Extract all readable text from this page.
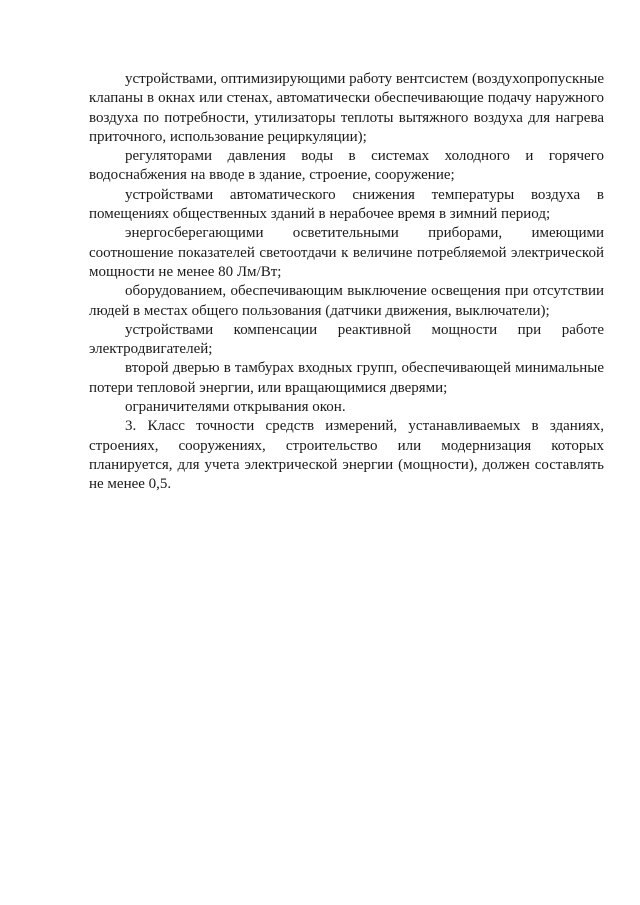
устройствами, оптимизирующими работу вентсистем (воздухопропускные клапаны в окнах или стенах, автоматически обеспечивающие подачу наружного воздуха по потребности, утилизаторы теплоты вытяжного воздуха для нагрева приточного, использование рециркуляции);

регуляторами давления воды в системах холодного и горячего водоснабжения на вводе в здание, строение, сооружение;

устройствами автоматического снижения температуры воздуха в помещениях общественных зданий в нерабочее время в зимний период;

энергосберегающими осветительными приборами, имеющими соотношение показателей светоотдачи к величине потребляемой электрической мощности не менее 80 Лм/Вт;

оборудованием, обеспечивающим выключение освещения при отсутствии людей в местах общего пользования (датчики движения, выключатели);

устройствами компенсации реактивной мощности при работе электродвигателей;

второй дверью в тамбурах входных групп, обеспечивающей минимальные потери тепловой энергии, или вращающимися дверями;

ограничителями открывания окон.

3. Класс точности средств измерений, устанавливаемых в зданиях, строениях, сооружениях, строительство или модернизация которых планируется, для учета электрической энергии (мощности), должен составлять не менее 0,5.
